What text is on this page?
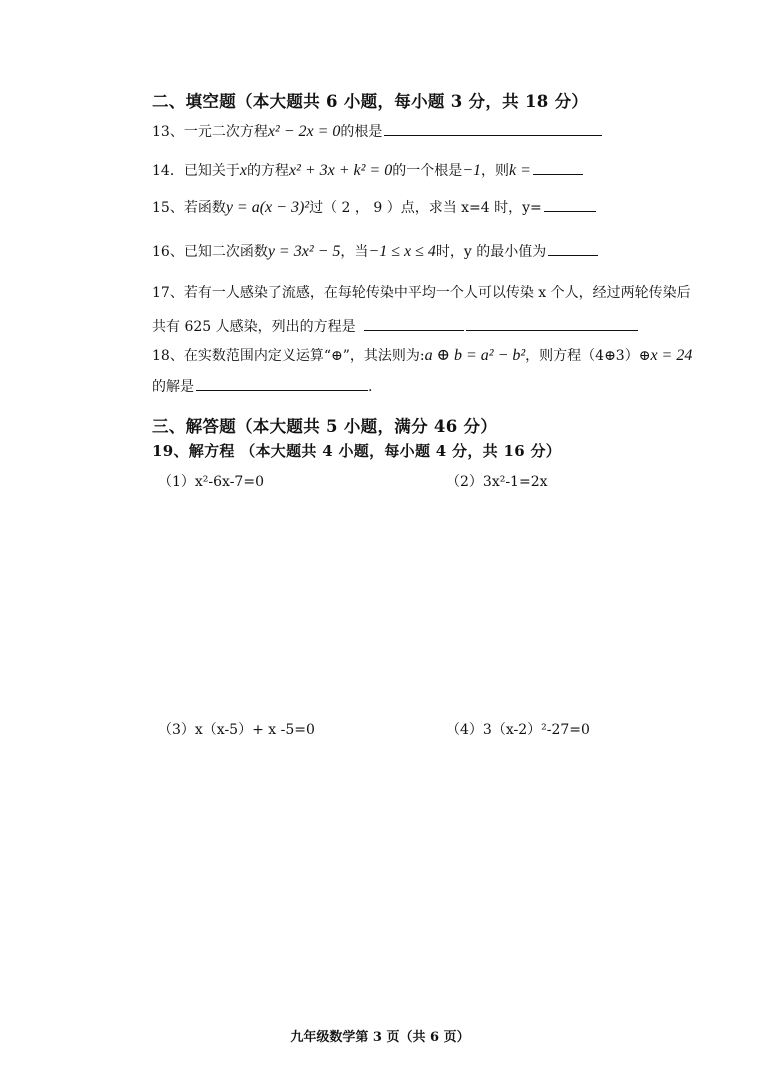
二、填空题（本大题共 6 小题，每小题 3 分，共 18 分）
13、一元二次方程x² − 2x = 0的根是
14．已知关于x的方程x² + 3x + k² = 0的一个根是−1，则k =
15、若函数y = a(x − 3)²过（ 2 ， 9 ）点，求当 x=4 时，y=
16、已知二次函数y = 3x² − 5，当−1 ≤ x ≤ 4时，y 的最小值为
17、若有一人感染了流感，在每轮传染中平均一个人可以传染 x 个人，经过两轮传染后
共有 625 人感染，列出的方程是
18、在实数范围内定义运算“⊕”，其法则为:a ⊕ b = a² − b²，则方程（4⊕3）⊕x = 24
的解是	.
三、解答题（本大题共 5 小题，满分 46 分）
19、解方程 （本大题共 4 小题，每小题 4 分，共 16 分）
（1）x²-6x-7=0	（2）3x²-1=2x
（3）x（x-5）+ x -5=0	（4）3（x-2）²-27=0
九年级数学第 3 页（共 6 页）
